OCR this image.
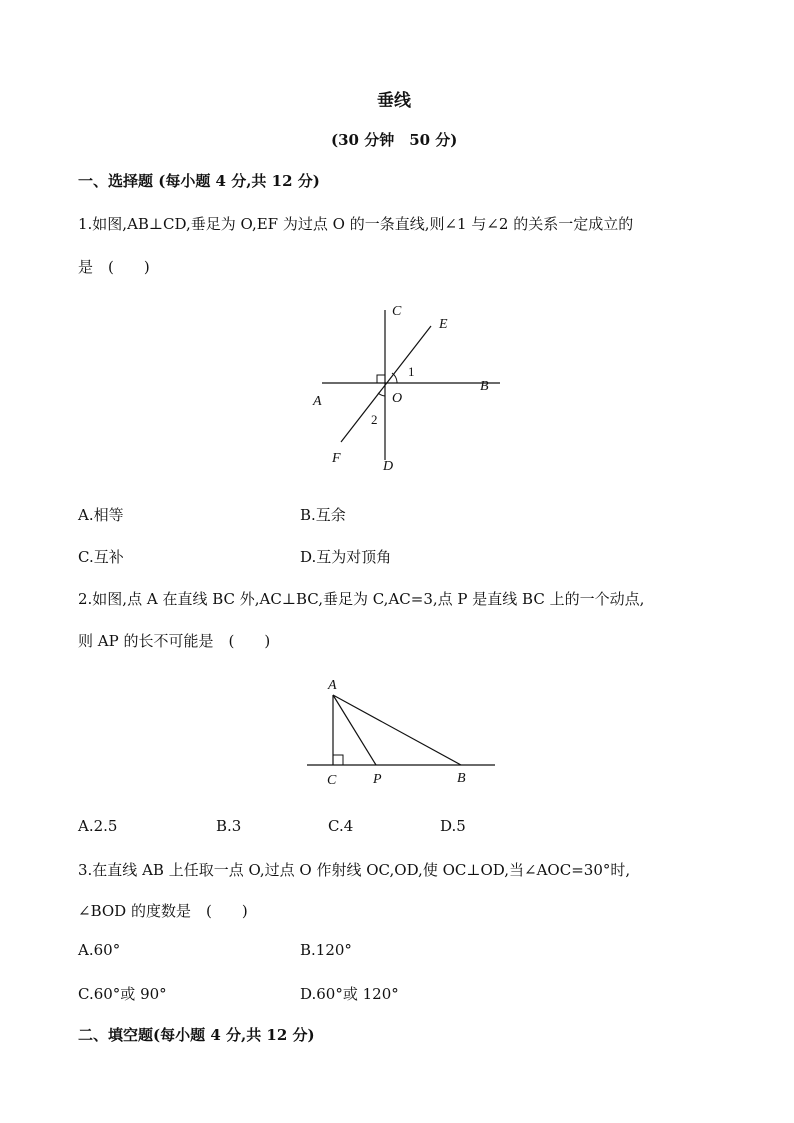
垂线
(30 分钟　50 分)
一、选择题 (每小题 4 分,共 12 分)
1.如图,AB⊥CD,垂足为 O,EF 为过点 O 的一条直线,则∠1 与∠2 的关系一定成立的
是　(　　)
C
E
A	O
B
F
D
1
2
A.相等	B.互余
C.互补	D.互为对顶角
2.如图,点 A 在直线 BC 外,AC⊥BC,垂足为 C,AC=3,点 P 是直线 BC 上的一个动点,
则 AP 的长不可能是　(　　)
A
C	P	B
A.2.5	B.3	C.4	D.5
3.在直线 AB 上任取一点 O,过点 O 作射线 OC,OD,使 OC⊥OD,当∠AOC=30°时,
∠BOD 的度数是　(　　)
A.60°	B.120°
C.60°或 90°	D.60°或 120°
二、填空题(每小题 4 分,共 12 分)
